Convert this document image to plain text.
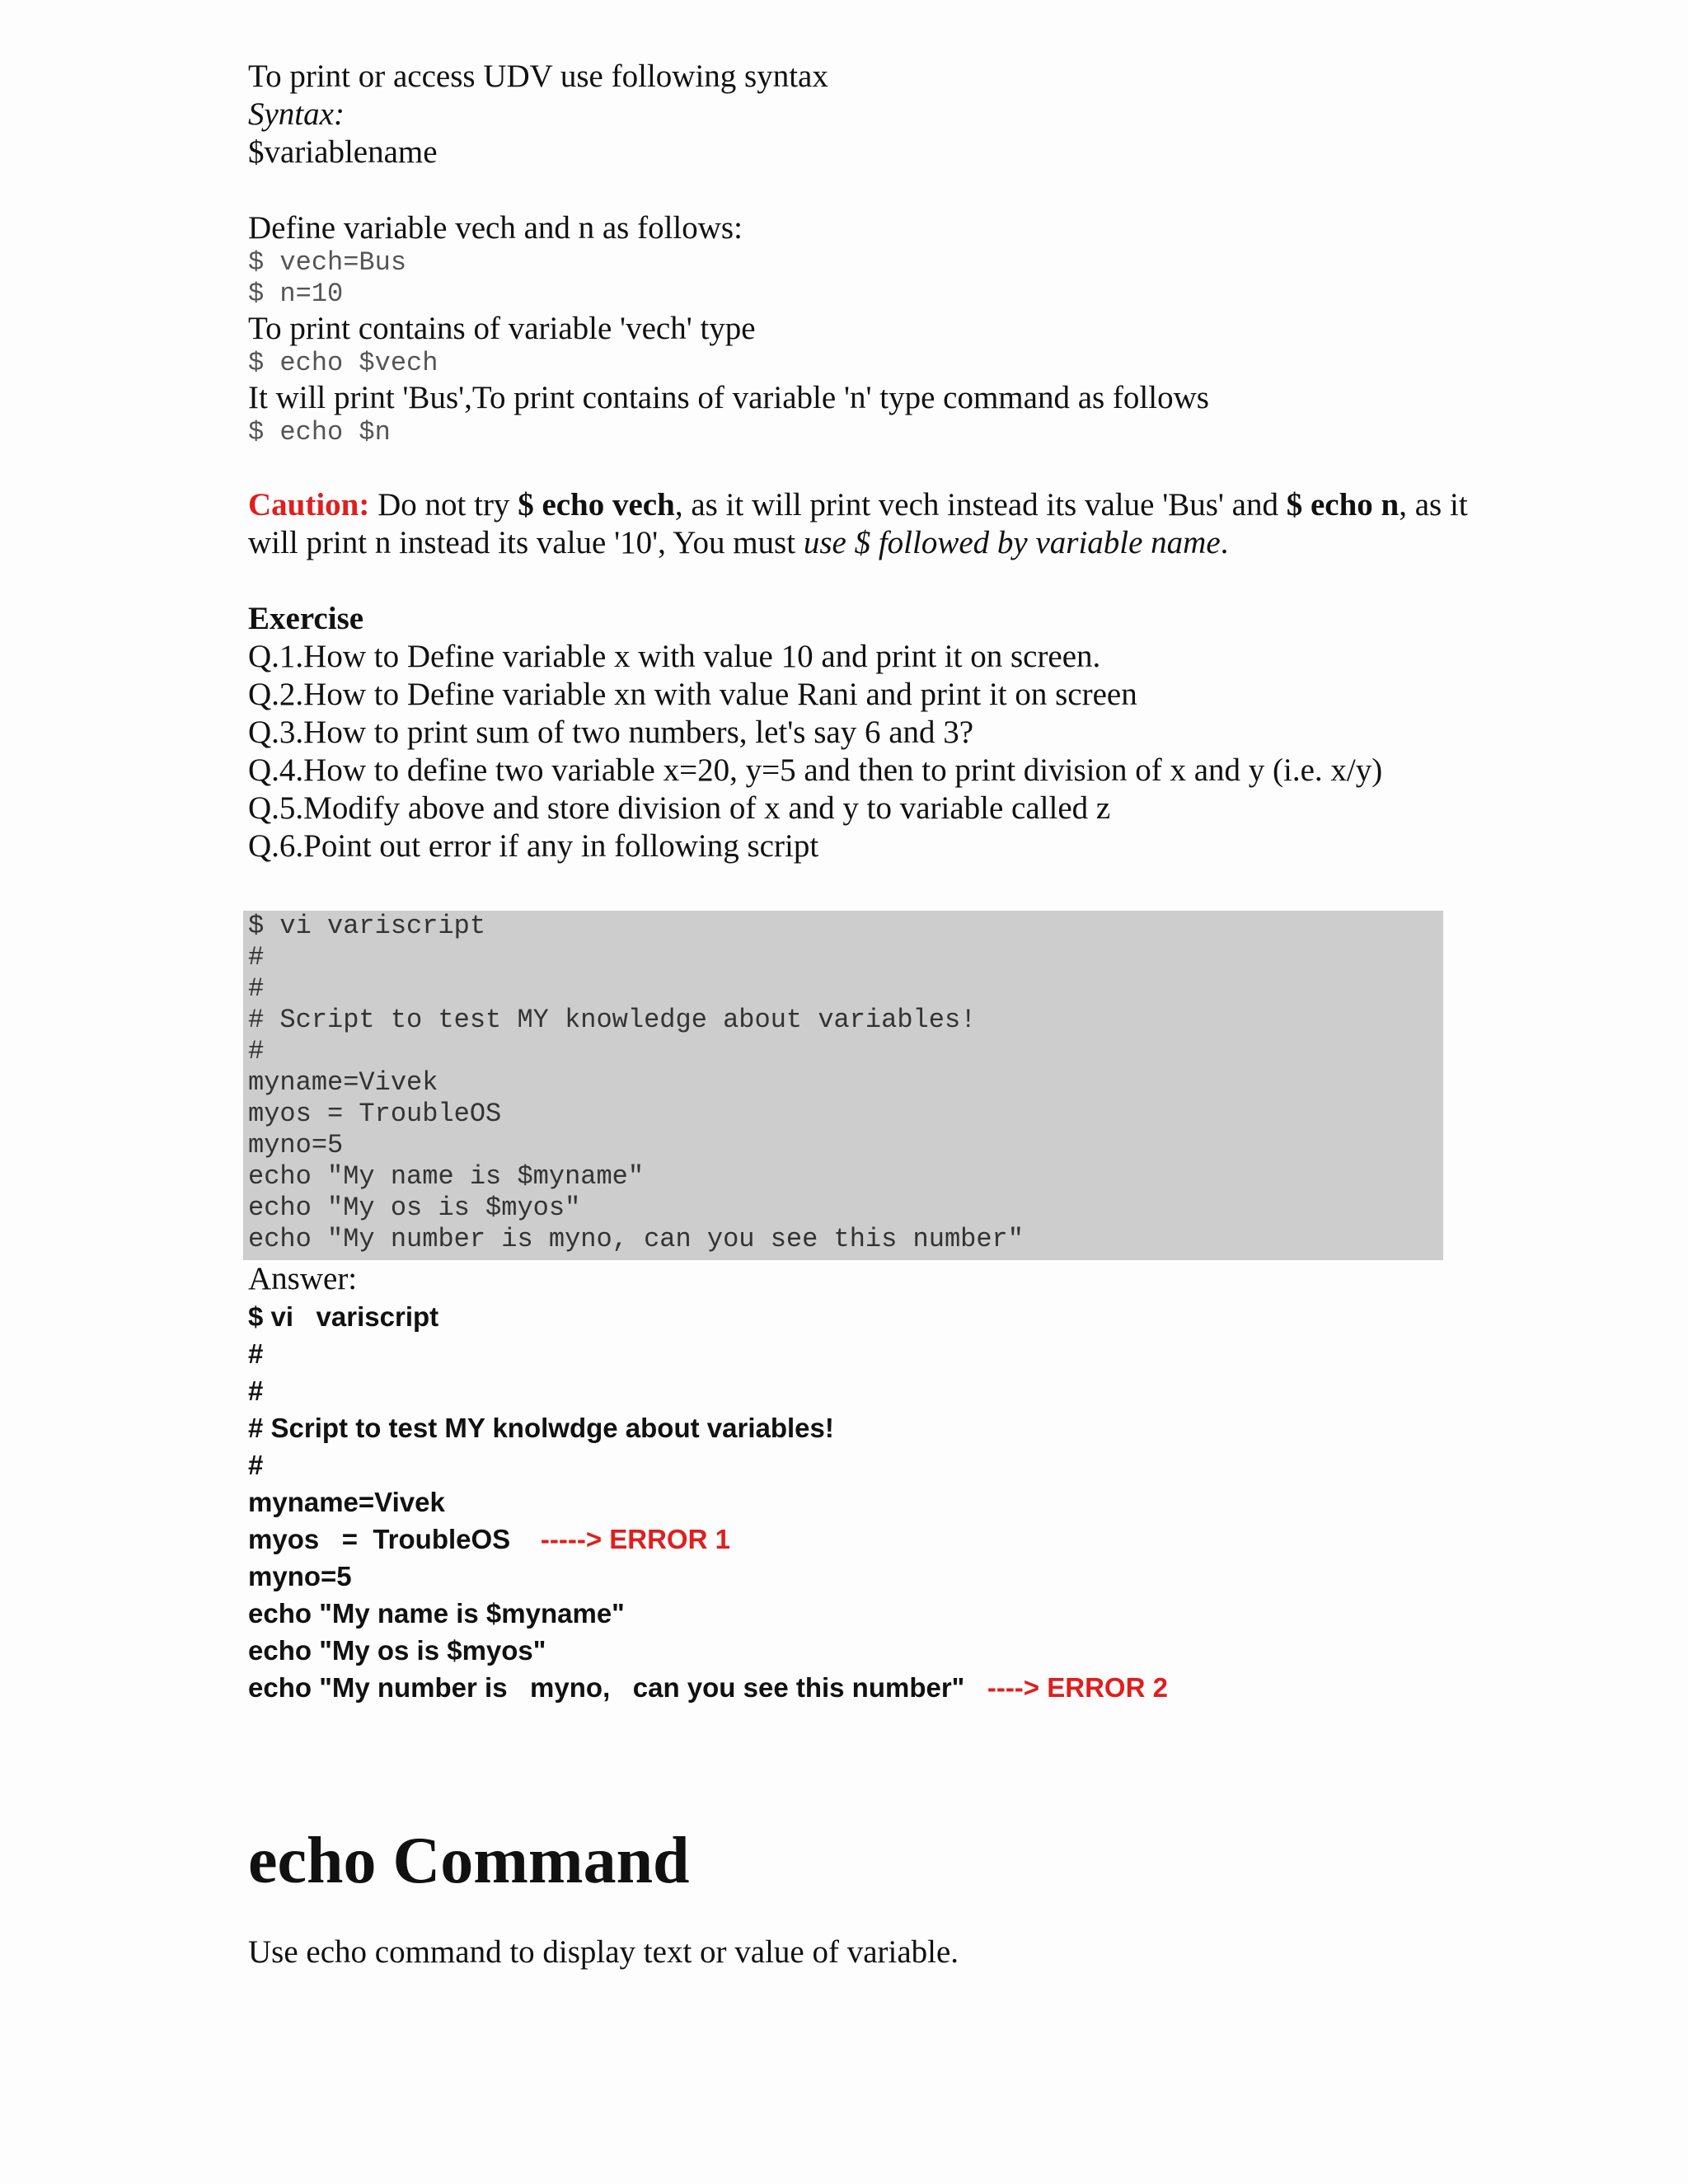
To print or access UDV use following syntax

Syntax:

$variablename

Define variable vech and n as follows:

$ vech=Bus

$ n=10

To print contains of variable 'vech' type

$ echo $vech

It will print 'Bus',To print contains of variable 'n' type command as follows

$ echo $n

Caution: Do not try $ echo vech, as it will print vech instead its value 'Bus' and $ echo n, as it will print n instead its value '10', You must use $ followed by variable name.

Exercise

Q.1.How to Define variable x with value 10 and print it on screen.

Q.2.How to Define variable xn with value Rani and print it on screen

Q.3.How to print sum of two numbers, let's say 6 and 3?

Q.4.How to define two variable x=20, y=5 and then to print division of x and y (i.e. x/y)

Q.5.Modify above and store division of x and y to variable called z

Q.6.Point out error if any in following script

$ vi variscript

#

#

# Script to test MY knowledge about variables!

#

myname=Vivek

myos = TroubleOS

myno=5

echo "My name is $myname"

echo "My os is $myos"

echo "My number is myno, can you see this number"

Answer:

$ vi   variscript

#

#

# Script to test MY knolwdge about variables!

#

myname=Vivek

myos   =  TroubleOS -----> ERROR 1

myno=5

echo "My name is $myname"

echo "My os is $myos"

echo "My number is   myno,   can you see this number" ----> ERROR 2

echo Command

Use echo command to display text or value of variable.
